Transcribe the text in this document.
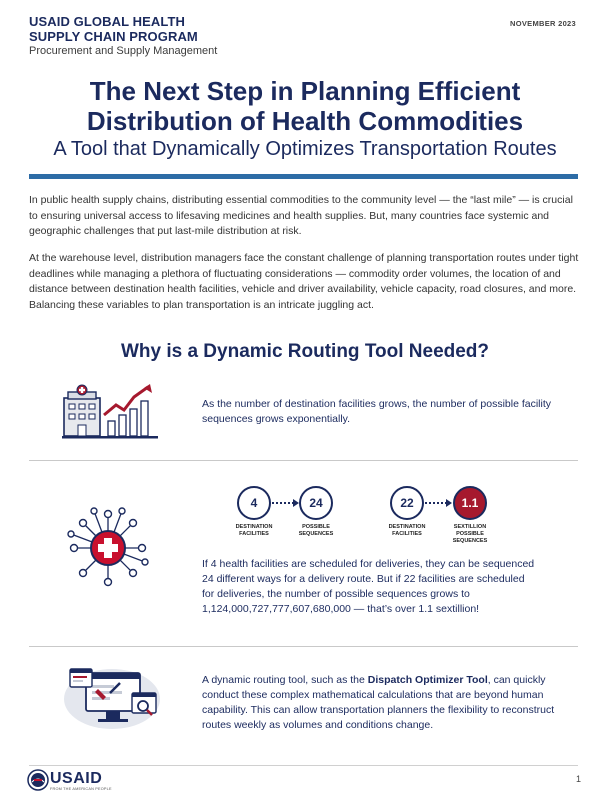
USAID GLOBAL HEALTH
SUPPLY CHAIN PROGRAM
Procurement and Supply Management
NOVEMBER 2023
The Next Step in Planning Efficient
Distribution of Health Commodities
A Tool that Dynamically Optimizes Transportation Routes
In public health supply chains, distributing essential commodities to the community level — the “last mile” — is crucial to ensuring universal access to lifesaving medicines and health supplies. But, many countries face systemic and geographic challenges that put last-mile distribution at risk.
At the warehouse level, distribution managers face the constant challenge of planning transportation routes under tight deadlines while managing a plethora of fluctuating considerations — commodity order volumes, the location of and distance between destination health facilities, vehicle and driver availability, vehicle capacity, road closures, and more. Balancing these variables to plan transportation is an intricate juggling act.
Why is a Dynamic Routing Tool Needed?
As the number of destination facilities grows, the number of possible facility sequences grows exponentially.
4	24
DESTINATION
FACILITIES
POSSIBLE
SEQUENCES
22	1.1
DESTINATION
FACILITIES
SEXTILLION
POSSIBLE
SEQUENCES
If 4 health facilities are scheduled for deliveries, they can be sequenced 24 different ways for a delivery route. But if 22 facilities are scheduled for deliveries, the number of possible sequences grows to 1,124,000,727,777,607,680,000 — that’s over 1.1 sextillion!
A dynamic routing tool, such as the Dispatch Optimizer Tool, can quickly conduct these complex mathematical calculations that are beyond human capability. This can allow transportation planners the flexibility to reconstruct routes weekly as volumes and conditions change.
USAID
FROM THE AMERICAN PEOPLE
1
